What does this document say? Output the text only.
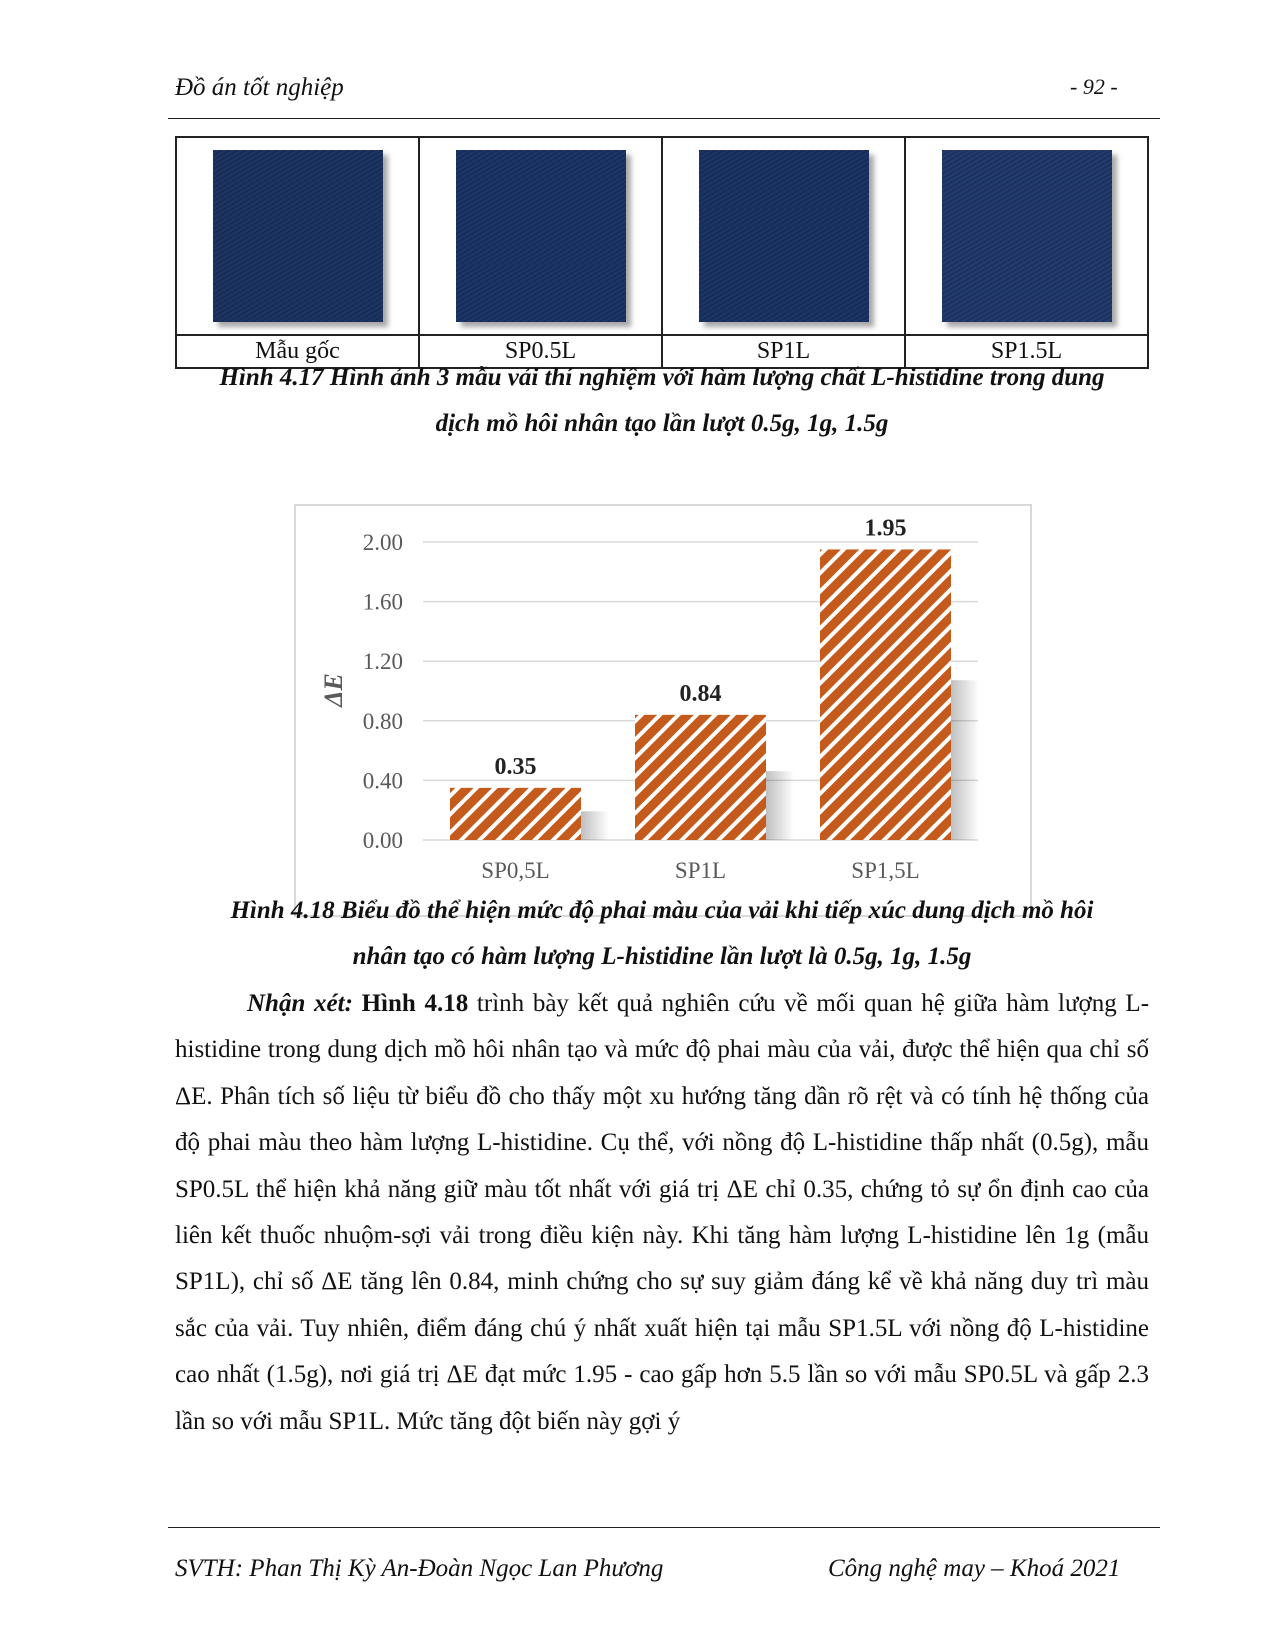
Đồ án tốt nghiệp	- 92 -

Mẫu gốc	SP0.5L	SP1L	SP1.5L
Hình 4.17 Hình ảnh 3 mẫu vải thí nghiệm với hàm lượng chất L-histidine trong dung
dịch mồ hôi nhân tạo lần lượt 0.5g, 1g, 1.5g
0.00
0.40
0.80
1.20
1.60
2.00
0.35
SP0,5L
0.84
SP1L
1.95
SP1,5L
ΔE
Hình 4.18 Biểu đồ thể hiện mức độ phai màu của vải khi tiếp xúc dung dịch mồ hôi
nhân tạo có hàm lượng L-histidine lần lượt là 0.5g, 1g, 1.5g

Nhận xét: Hình 4.18 trình bày kết quả nghiên cứu về mối quan hệ giữa hàm lượng L-histidine trong dung dịch mồ hôi nhân tạo và mức độ phai màu của vải, được thể hiện qua chỉ số ΔE. Phân tích số liệu từ biểu đồ cho thấy một xu hướng tăng dần rõ rệt và có tính hệ thống của độ phai màu theo hàm lượng L-histidine. Cụ thể, với nồng độ L-histidine thấp nhất (0.5g), mẫu SP0.5L thể hiện khả năng giữ màu tốt nhất với giá trị ΔE chỉ 0.35, chứng tỏ sự ổn định cao của liên kết thuốc nhuộm-sợi vải trong điều kiện này. Khi tăng hàm lượng L-histidine lên 1g (mẫu SP1L), chỉ số ΔE tăng lên 0.84, minh chứng cho sự suy giảm đáng kể về khả năng duy trì màu sắc của vải. Tuy nhiên, điểm đáng chú ý nhất xuất hiện tại mẫu SP1.5L với nồng độ L-histidine cao nhất (1.5g), nơi giá trị ΔE đạt mức 1.95 - cao gấp hơn 5.5 lần so với mẫu SP0.5L và gấp 2.3 lần so với mẫu SP1L. Mức tăng đột biến này gợi ý

SVTH: Phan Thị Kỳ An-Đoàn Ngọc Lan Phương	Công nghệ may – Khoá 2021
